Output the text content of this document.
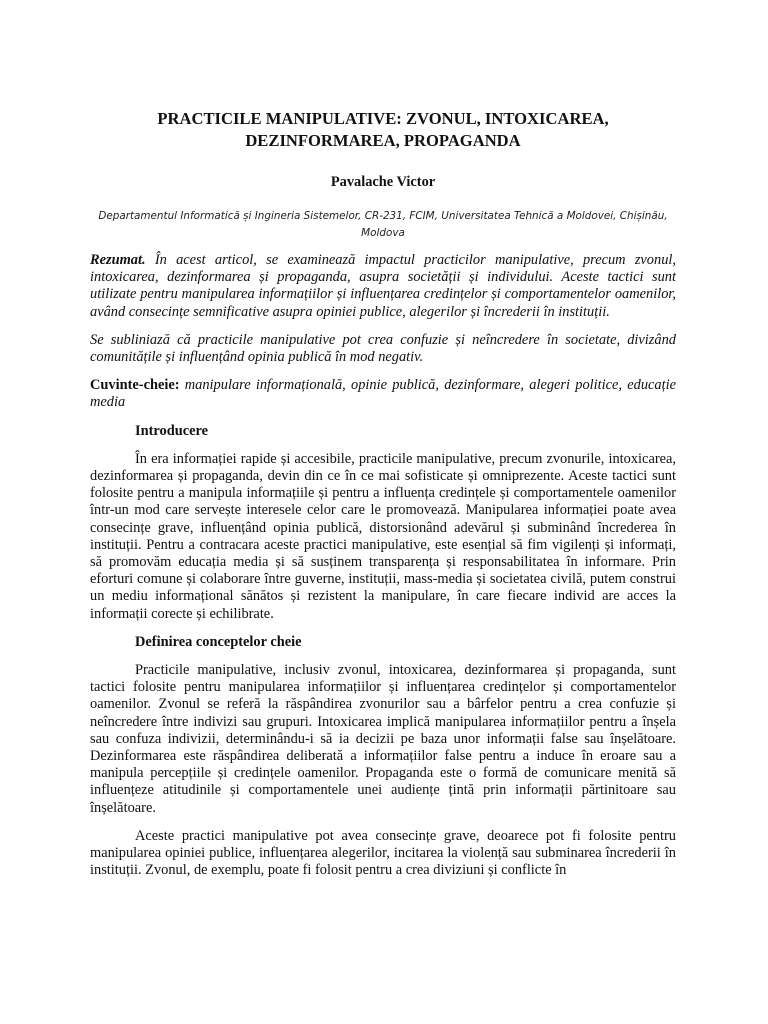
PRACTICILE MANIPULATIVE: ZVONUL, INTOXICAREA,
DEZINFORMAREA, PROPAGANDA
Pavalache Victor
Departamentul Informatică și Ingineria Sistemelor, CR-231, FCIM, Universitatea Tehnică a Moldovei, Chișinău,
Moldova

Rezumat. În acest articol, se examinează impactul practicilor manipulative, precum zvonul, intoxicarea, dezinformarea și propaganda, asupra societății și individului. Aceste tactici sunt utilizate pentru manipularea informațiilor și influențarea credințelor și comportamentelor oamenilor, având consecințe semnificative asupra opiniei publice, alegerilor și încrederii în instituții.

Se subliniază că practicile manipulative pot crea confuzie și neîncredere în societate, divizând comunitățile și influențând opinia publică în mod negativ.

Cuvinte-cheie: manipulare informațională, opinie publică, dezinformare, alegeri politice, educație media

Introducere

În era informației rapide și accesibile, practicile manipulative, precum zvonurile, intoxicarea, dezinformarea și propaganda, devin din ce în ce mai sofisticate și omniprezente. Aceste tactici sunt folosite pentru a manipula informațiile și pentru a influența credințele și comportamentele oamenilor într-un mod care servește interesele celor care le promovează. Manipularea informației poate avea consecințe grave, influențând opinia publică, distorsionând adevărul și subminând încrederea în instituții. Pentru a contracara aceste practici manipulative, este esențial să fim vigilenți și informați, să promovăm educația media și să susținem transparența și responsabilitatea în informare. Prin eforturi comune și colaborare între guverne, instituții, mass-media și societatea civilă, putem construi un mediu informațional sănătos și rezistent la manipulare, în care fiecare individ are acces la informații corecte și echilibrate.

Definirea conceptelor cheie

Practicile manipulative, inclusiv zvonul, intoxicarea, dezinformarea și propaganda, sunt tactici folosite pentru manipularea informațiilor și influențarea credințelor și comportamentelor oamenilor. Zvonul se referă la răspândirea zvonurilor sau a bârfelor pentru a crea confuzie și neîncredere între indivizi sau grupuri. Intoxicarea implică manipularea informațiilor pentru a înșela sau confuza indivizii, determinându-i să ia decizii pe baza unor informații false sau înșelătoare. Dezinformarea este răspândirea deliberată a informațiilor false pentru a induce în eroare sau a manipula percepțiile și credințele oamenilor. Propaganda este o formă de comunicare menită să influențeze atitudinile și comportamentele unei audiențe țintă prin informații părtinitoare sau înșelătoare.

Aceste practici manipulative pot avea consecințe grave, deoarece pot fi folosite pentru manipularea opiniei publice, influențarea alegerilor, incitarea la violență sau subminarea încrederii în instituții. Zvonul, de exemplu, poate fi folosit pentru a crea diviziuni și conflicte în
